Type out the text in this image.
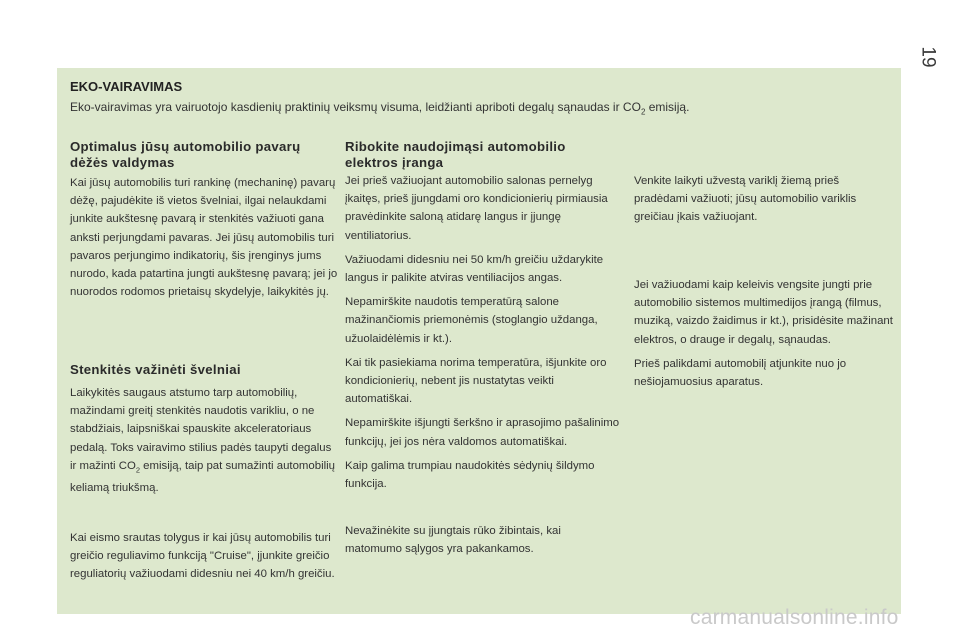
19
EKO-VAIRAVIMAS
Eko-vairavimas yra vairuotojo kasdienių praktinių veiksmų visuma, leidžianti apriboti degalų sąnaudas ir $CO_2$ emisiją.
Optimalus jūsų automobilio pavarų dėžės valdymas

Kai jūsų automobilis turi rankinę (mechaninę) pavarų dėžę, pajudėkite iš vietos švelniai, ilgai nelaukdami junkite aukštesnę pavarą ir stenkitės važiuoti gana anksti perjungdami pavaras. Jei jūsų automobilis turi pavaros perjungimo indikatorių, šis įrenginys jums nurodo, kada patartina jungti aukštesnę pavarą; jei jo nuorodos rodomos prietaisų skydelyje, laikykitės jų.

Stenkitės važinėti švelniai

Laikykitės saugaus atstumo tarp automobilių, mažindami greitį stenkitės naudotis varikliu, o ne stabdžiais, laipsniškai spauskite akceleratoriaus pedalą. Toks vairavimo stilius padės taupyti degalus ir mažinti $CO_2$ emisiją, taip pat sumažinti automobilių keliamą triukšmą.

Kai eismo srautas tolygus ir kai jūsų automobilis turi greičio reguliavimo funkciją "Cruise", įjunkite greičio reguliatorių važiuodami didesniu nei 40 km/h greičiu.

Ribokite naudojimąsi automobilio elektros įranga

Jei prieš važiuojant automobilio salonas pernelyg įkaitęs, prieš įjungdami oro kondicionierių pirmiausia pravėdinkite saloną atidarę langus ir įjungę ventiliatorius.

Važiuodami didesniu nei 50 km/h greičiu uždarykite langus ir palikite atviras ventiliacijos angas.

Nepamirškite naudotis temperatūrą salone mažinančiomis priemonėmis (stoglangio uždanga, užuolaidėlėmis ir kt.).

Kai tik pasiekiama norima temperatūra, išjunkite oro kondicionierių, nebent jis nustatytas veikti automatiškai.

Nepamirškite išjungti šerkšno ir aprasojimo pašalinimo funkcijų, jei jos nėra valdomos automatiškai.

Kaip galima trumpiau naudokitės sėdynių šildymo funkcija.

Nevažinėkite su įjungtais rūko žibintais, kai matomumo sąlygos yra pakankamos.

Venkite laikyti užvestą variklį žiemą prieš pradėdami važiuoti; jūsų automobilio variklis greičiau įkais važiuojant.

Jei važiuodami kaip keleivis vengsite jungti prie automobilio sistemos multimedijos įrangą (filmus, muziką, vaizdo žaidimus ir kt.), prisidėsite mažinant elektros, o drauge ir degalų, sąnaudas.

Prieš palikdami automobilį atjunkite nuo jo nešiojamuosius aparatus.

carmanualsonline.info
